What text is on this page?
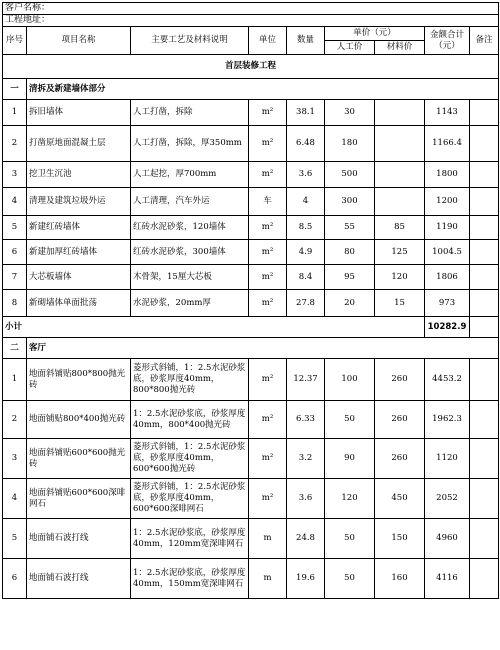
客户名称：								
工程地址：								
序号	项目名称	主要工艺及材料说明	单位	数量	单价（元）		金额合计（元）	备注
					人工价	材料价		
首层装修工程								
一	清拆及新建墙体部分							
1	拆旧墙体	人工打凿，拆除	m²	38.1	30		1143	
2	打凿原地面混凝土层	人工打凿，拆除，厚350mm	m²	6.48	180		1166.4	
3	挖卫生沉池	人工起挖，厚700mm	m²	3.6	500		1800	
4	清理及建筑垃圾外运	人工清理，汽车外运	车	4	300		1200	
5	新建红砖墙体	红砖水泥砂浆，120墙体	m²	8.5	55	85	1190	
6	新建加厚红砖墙体	红砖水泥砂浆，300墙体	m²	4.9	80	125	1004.5	
7	大芯板墙体	木骨架，15厘大芯板	m²	8.4	95	120	1806	
8	新砌墙体单面批荡	水泥砂浆，20mm厚	m²	27.8	20	15	973	
小计							10282.9	
二	客厅							
1	地面斜铺贴800*800抛光砖	菱形式斜铺，1：2.5水泥砂浆底，砂浆厚度40mm，800*800抛光砖	m²	12.37	100	260	4453.2	
2	地面铺贴800*400抛光砖	1：2.5水泥砂浆底，砂浆厚度40mm，800*400抛光砖	m²	6.33	50	260	1962.3	
3	地面斜铺贴600*600抛光砖	菱形式斜铺，1：2.5水泥砂浆底，砂浆厚度40mm，600*600抛光砖	m²	3.2	90	260	1120	
4	地面斜铺贴600*600深啡网石	菱形式斜铺，1：2.5水泥砂浆底，砂浆厚度40mm，600*600深啡网石	m²	3.6	120	450	2052	
5	地面铺石波打线	1：2.5水泥砂浆底，砂浆厚度40mm，120mm宽深啡网石	m	24.8	50	150	4960	
6	地面铺石波打线	1：2.5水泥砂浆底，砂浆厚度40mm，150mm宽深啡网石	m	19.6	50	160	4116	
